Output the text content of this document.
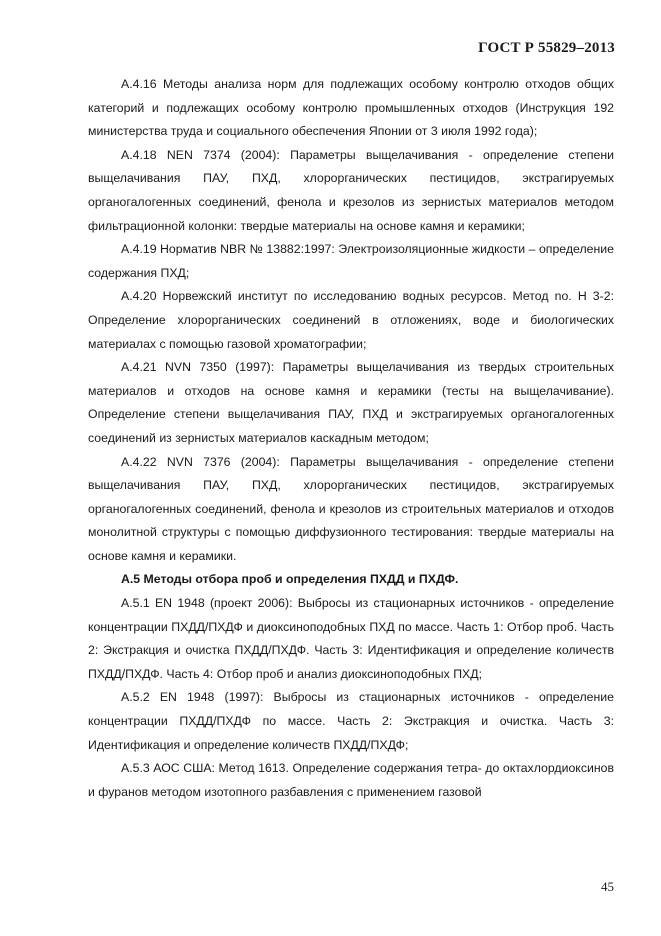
ГОСТ Р 55829–2013

А.4.16 Методы анализа норм для подлежащих особому контролю отходов общих категорий и подлежащих особому контролю промышленных отходов (Инструкция 192 министерства труда и социального обеспечения Японии от 3 июля 1992 года);

А.4.18 NEN 7374 (2004): Параметры выщелачивания - определение степени выщелачивания ПАУ, ПХД, хлорорганических пестицидов, экстрагируемых органогалогенных соединений, фенола и крезолов из зернистых материалов методом фильтрационной колонки: твердые материалы на основе камня и керамики;

А.4.19 Норматив NBR № 13882:1997: Электроизоляционные жидкости – определение содержания ПХД;

А.4.20 Норвежский институт по исследованию водных ресурсов. Метод no. H 3-2: Определение хлорорганических соединений в отложениях, воде и биологических материалах с помощью газовой хроматографии;

А.4.21 NVN 7350 (1997): Параметры выщелачивания из твердых строительных материалов и отходов на основе камня и керамики (тесты на выщелачивание). Определение степени выщелачивания ПАУ, ПХД и экстрагируемых органогалогенных соединений из зернистых материалов каскадным методом;

А.4.22 NVN 7376 (2004): Параметры выщелачивания - определение степени выщелачивания ПАУ, ПХД, хлорорганических пестицидов, экстрагируемых органогалогенных соединений, фенола и крезолов из строительных материалов и отходов монолитной структуры с помощью диффузионного тестирования: твердые материалы на основе камня и керамики.

А.5 Методы отбора проб и определения ПХДД и ПХДФ.

А.5.1 EN 1948 (проект 2006): Выбросы из стационарных источников - определение концентрации ПХДД/ПХДФ и диоксиноподобных ПХД по массе. Часть 1: Отбор проб. Часть 2: Экстракция и очистка ПХДД/ПХДФ. Часть 3: Идентификация и определение количеств ПХДД/ПХДФ. Часть 4: Отбор проб и анализ диоксиноподобных ПХД;

А.5.2 EN 1948 (1997): Выбросы из стационарных источников - определение концентрации ПХДД/ПХДФ по массе. Часть 2: Экстракция и очистка. Часть 3: Идентификация и определение количеств ПХДД/ПХДФ;

А.5.3 АОС США: Метод 1613. Определение содержания тетра- до октахлордиоксинов и фуранов методом изотопного разбавления с применением газовой

45
